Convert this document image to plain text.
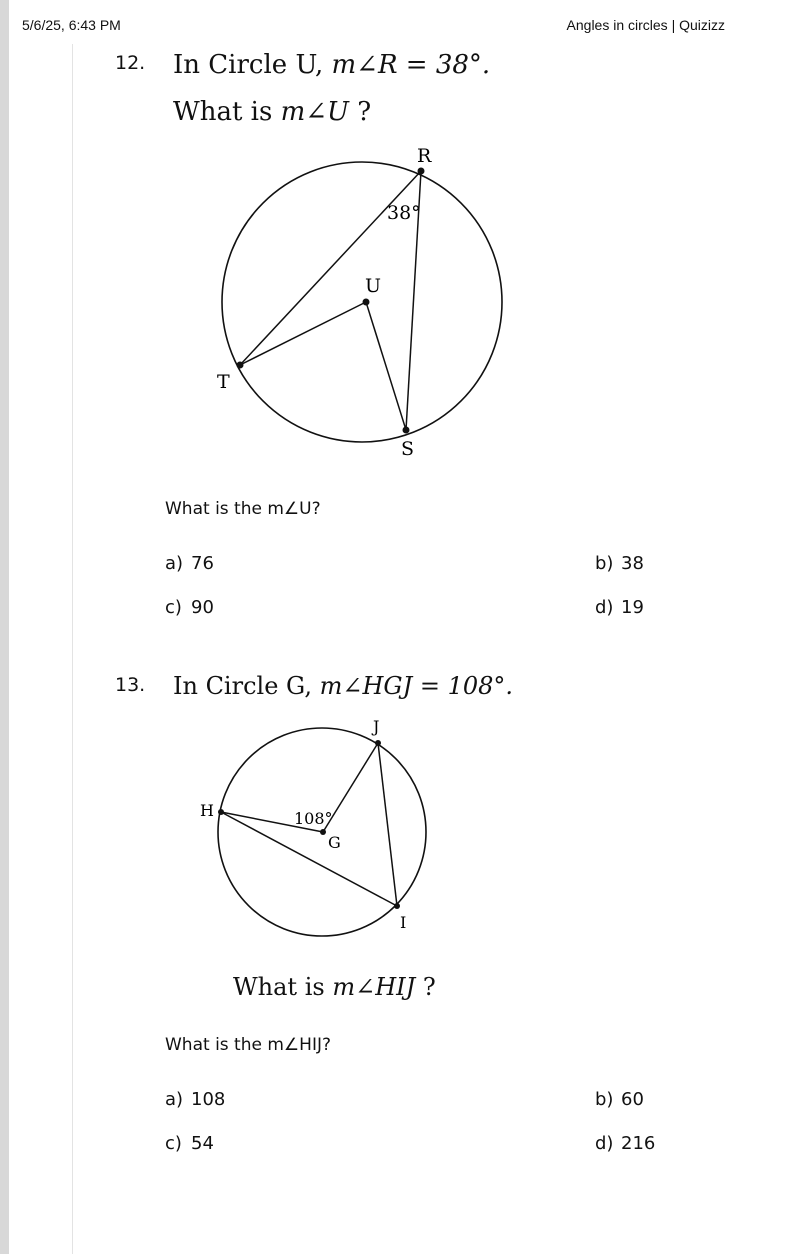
5/6/25, 6:43 PM	Angles in circles | Quizizz
12. In Circle U, m∠R = 38°.
What is m∠U ?
R
U
T
S
38°
What is the m∠U?
a) 76	b) 38
c) 90	d) 19
13. In Circle G, m∠HGJ = 108°.
J
H
G
I
108°
What is m∠HIJ ?
What is the m∠HIJ?
a) 108	b) 60
c) 54	d) 216
